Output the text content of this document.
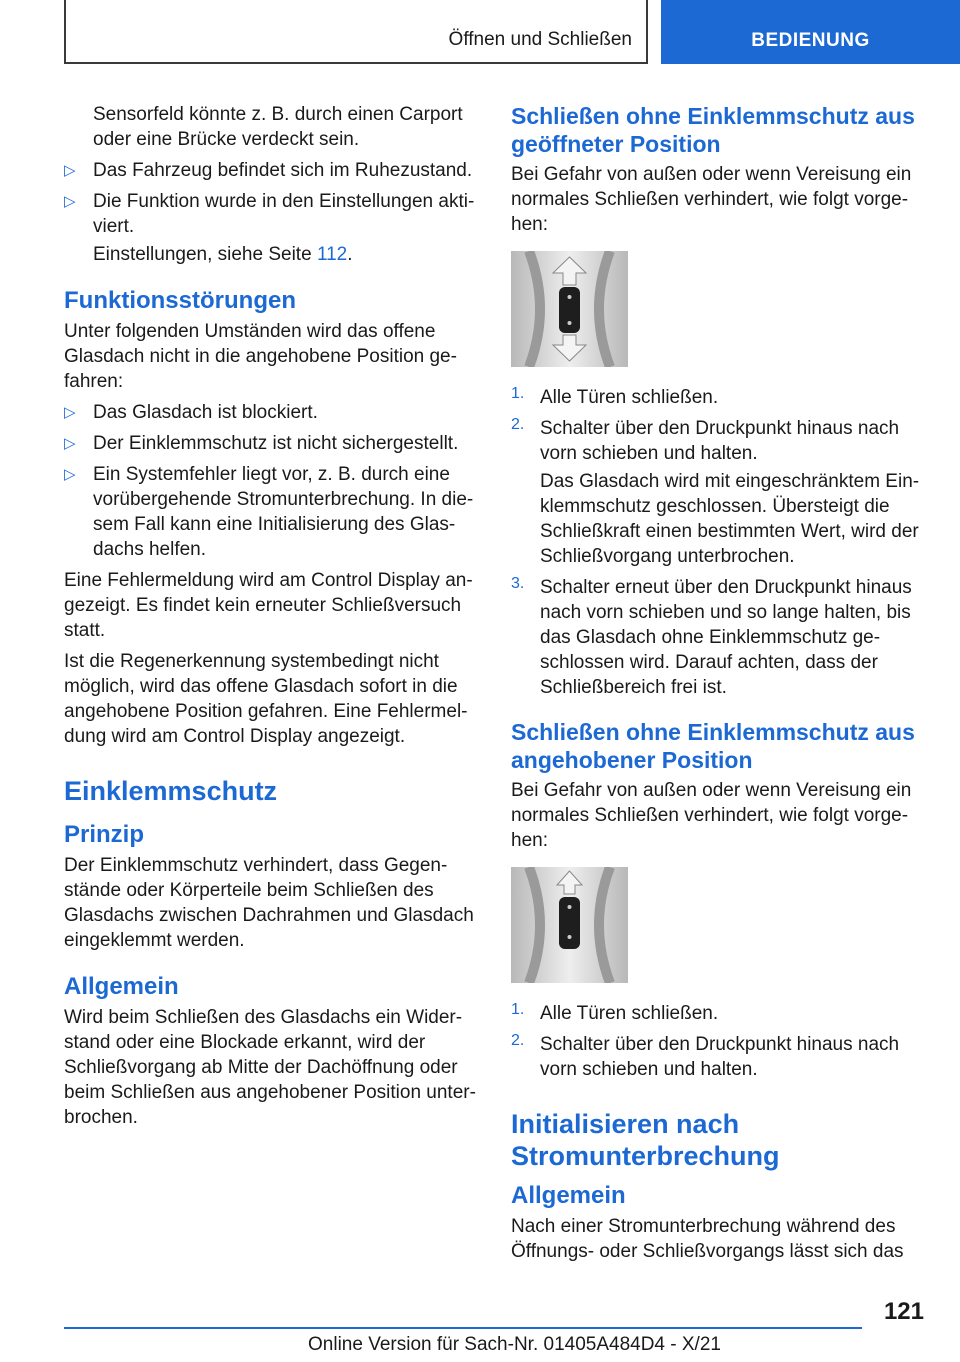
Öffnen und Schließen	BEDIENUNG

Sensorfeld könnte z. B. durch einen Carport

oder eine Brücke verdeckt sein.

▷ Das Fahrzeug befindet sich im Ruhezustand.

▷ Die Funktion wurde in den Einstellungen akti-viert.

Einstellungen, siehe Seite 112.

Funktionsstörungen

Unter folgenden Umständen wird das offene Glasdach nicht in die angehobene Position ge-fahren:

▷ Das Glasdach ist blockiert.

▷ Der Einklemmschutz ist nicht sichergestellt.

▷ Ein Systemfehler liegt vor, z. B. durch eine vorübergehende Stromunterbrechung. In die-sem Fall kann eine Initialisierung des Glas-dachs helfen.

Eine Fehlermeldung wird am Control Display an-gezeigt. Es findet kein erneuter Schließversuch statt.

Ist die Regenerkennung systembedingt nicht möglich, wird das offene Glasdach sofort in die angehobene Position gefahren. Eine Fehlermel-dung wird am Control Display angezeigt.

Einklemmschutz
Prinzip

Der Einklemmschutz verhindert, dass Gegen-stände oder Körperteile beim Schließen des Glasdachs zwischen Dachrahmen und Glasdach eingeklemmt werden.

Allgemein

Wird beim Schließen des Glasdachs ein Wider-stand oder eine Blockade erkannt, wird der Schließvorgang ab Mitte der Dachöffnung oder beim Schließen aus angehobener Position unter-brochen.

Schließen ohne Einklemmschutz aus geöffneter Position

Bei Gefahr von außen oder wenn Vereisung ein normales Schließen verhindert, wie folgt vorge-hen:

1. Alle Türen schließen.

2. Schalter über den Druckpunkt hinaus nach vorn schieben und halten.

Das Glasdach wird mit eingeschränktem Ein-klemmschutz geschlossen. Übersteigt die Schließkraft einen bestimmten Wert, wird der Schließvorgang unterbrochen.

3. Schalter erneut über den Druckpunkt hinaus nach vorn schieben und so lange halten, bis das Glasdach ohne Einklemmschutz ge-schlossen wird. Darauf achten, dass der Schließbereich frei ist.

Schließen ohne Einklemmschutz aus angehobener Position

Bei Gefahr von außen oder wenn Vereisung ein normales Schließen verhindert, wie folgt vorge-hen:

1. Alle Türen schließen.

2. Schalter über den Druckpunkt hinaus nach vorn schieben und halten.

Initialisieren nach Stromunterbrechung
Allgemein

Nach einer Stromunterbrechung während des Öffnungs- oder Schließvorgangs lässt sich das

121
Online Version für Sach-Nr. 01405A484D4 - X/21
